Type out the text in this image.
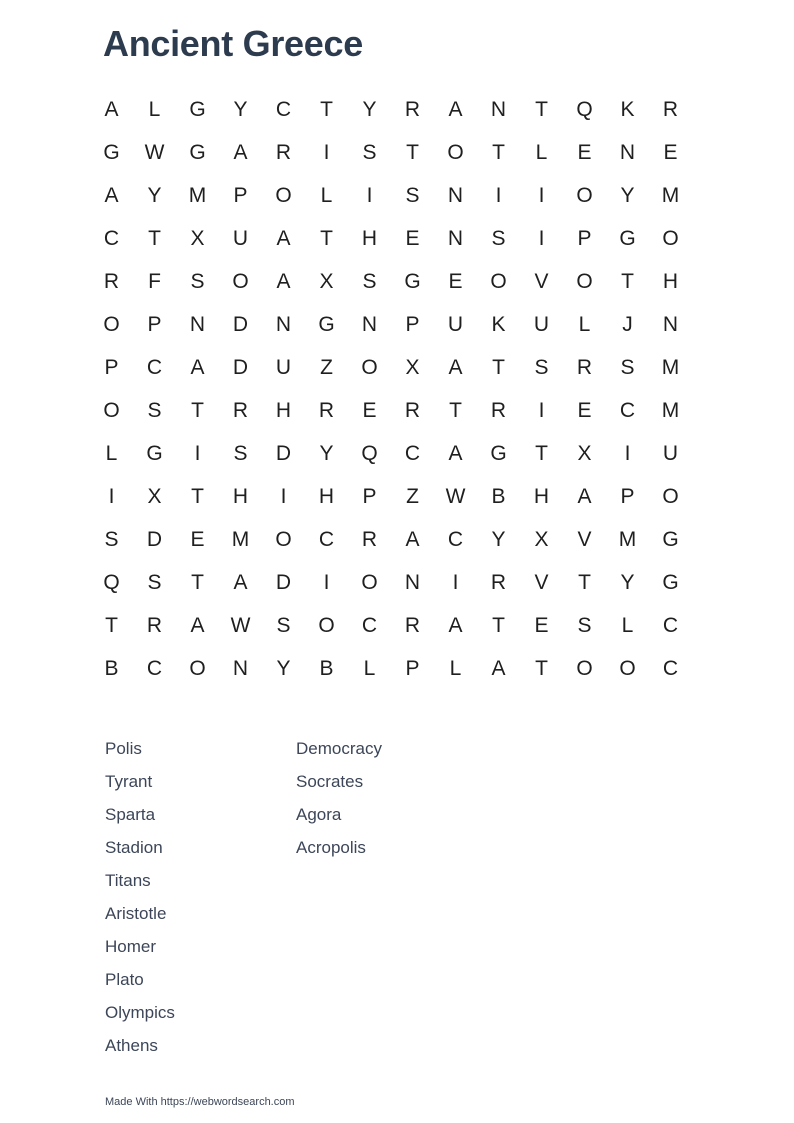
Ancient Greece
A	L	G	Y	C	T	Y	R	A	N	T	Q	K	R
G	W	G	A	R	I	S	T	O	T	L	E	N	E
A	Y	M	P	O	L	I	S	N	I	I	O	Y	M
C	T	X	U	A	T	H	E	N	S	I	P	G	O
R	F	S	O	A	X	S	G	E	O	V	O	T	H
O	P	N	D	N	G	N	P	U	K	U	L	J	N
P	C	A	D	U	Z	O	X	A	T	S	R	S	M
O	S	T	R	H	R	E	R	T	R	I	E	C	M
L	G	I	S	D	Y	Q	C	A	G	T	X	I	U
I	X	T	H	I	H	P	Z	W	B	H	A	P	O
S	D	E	M	O	C	R	A	C	Y	X	V	M	G
Q	S	T	A	D	I	O	N	I	R	V	T	Y	G
T	R	A	W	S	O	C	R	A	T	E	S	L	C
B	C	O	N	Y	B	L	P	L	A	T	O	O	C
Polis
Tyrant
Sparta
Stadion
Titans
Aristotle
Homer
Plato
Olympics
Athens
Democracy
Socrates
Agora
Acropolis
Made With https://webwordsearch.com
